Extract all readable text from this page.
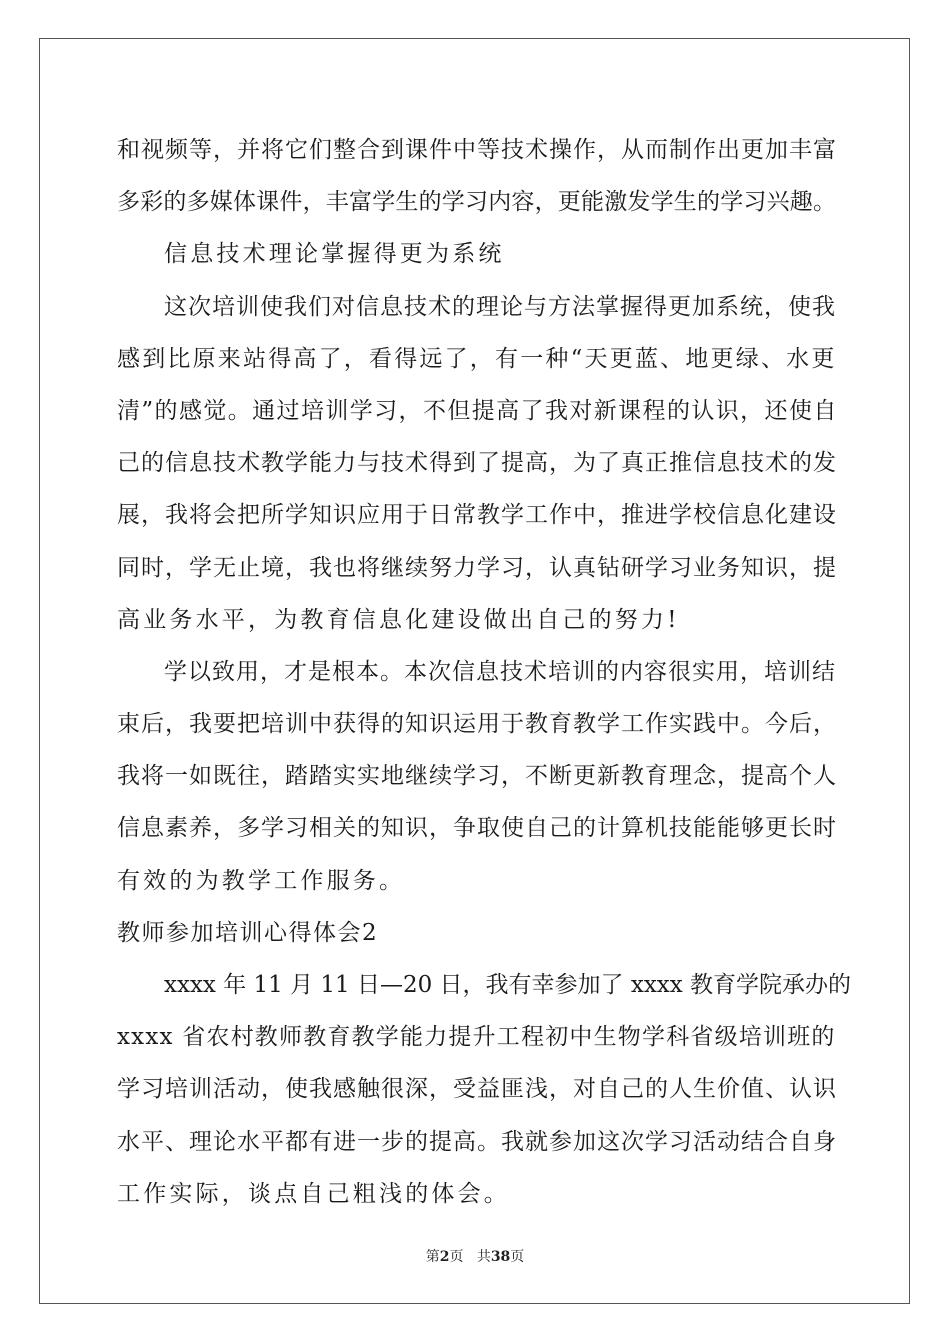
和视频等，并将它们整合到课件中等技术操作，从而制作出更加丰富
多彩的多媒体课件，丰富学生的学习内容，更能激发学生的学习兴趣。
信息技术理论掌握得更为系统
这次培训使我们对信息技术的理论与方法掌握得更加系统，使我
感到比原来站得高了，看得远了，有一种“天更蓝、地更绿、水更
清”的感觉。通过培训学习，不但提高了我对新课程的认识，还使自
己的信息技术教学能力与技术得到了提高，为了真正推信息技术的发
展，我将会把所学知识应用于日常教学工作中，推进学校信息化建设
同时，学无止境，我也将继续努力学习，认真钻研学习业务知识，提
高业务水平，为教育信息化建设做出自己的努力!
学以致用，才是根本。本次信息技术培训的内容很实用，培训结
束后，我要把培训中获得的知识运用于教育教学工作实践中。今后，
我将一如既往，踏踏实实地继续学习，不断更新教育理念，提高个人
信息素养，多学习相关的知识，争取使自己的计算机技能能够更长时
有效的为教学工作服务。
教师参加培训心得体会2
xxxx 年 11 月 11 日—20 日，我有幸参加了 xxxx 教育学院承办的
xxxx 省农村教师教育教学能力提升工程初中生物学科省级培训班的
学习培训活动，使我感触很深，受益匪浅，对自己的人生价值、认识
水平、理论水平都有进一步的提高。我就参加这次学习活动结合自身
工作实际，谈点自己粗浅的体会。
第2页 共38页
